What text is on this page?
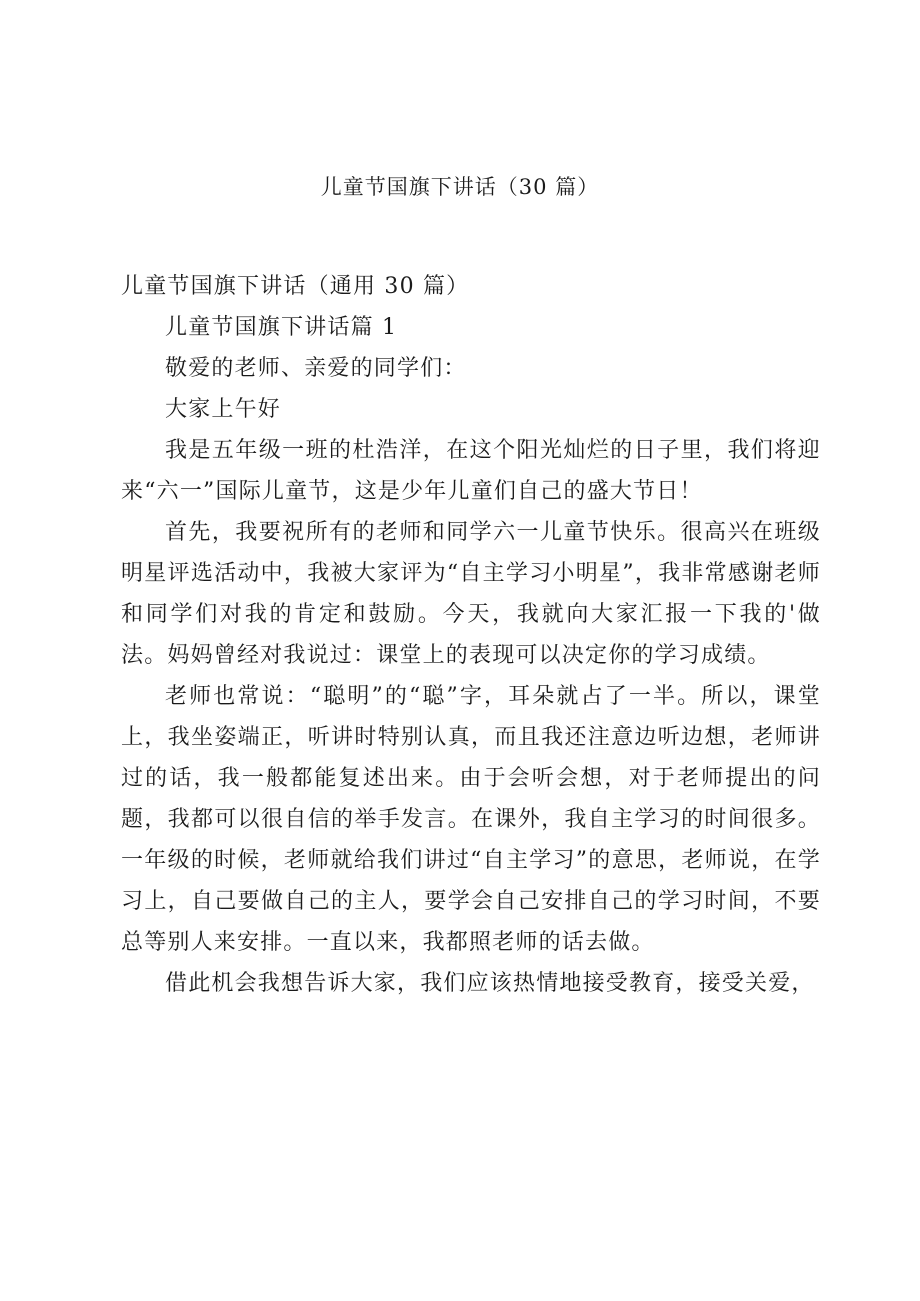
儿童节国旗下讲话（30 篇）

儿童节国旗下讲话（通用 30 篇）

儿童节国旗下讲话篇 1

敬爱的老师、亲爱的同学们：

大家上午好

我是五年级一班的杜浩洋，在这个阳光灿烂的日子里，我们将迎来“六一”国际儿童节，这是少年儿童们自己的盛大节日！

首先，我要祝所有的老师和同学六一儿童节快乐。很高兴在班级明星评选活动中，我被大家评为“自主学习小明星”，我非常感谢老师和同学们对我的肯定和鼓励。今天，我就向大家汇报一下我的'做法。妈妈曾经对我说过：课堂上的表现可以决定你的学习成绩。

老师也常说：“聪明”的“聪”字，耳朵就占了一半。所以，课堂上，我坐姿端正，听讲时特别认真，而且我还注意边听边想，老师讲过的话，我一般都能复述出来。由于会听会想，对于老师提出的问题，我都可以很自信的举手发言。在课外，我自主学习的时间很多。一年级的时候，老师就给我们讲过“自主学习”的意思，老师说，在学习上，自己要做自己的主人，要学会自己安排自己的学习时间，不要总等别人来安排。一直以来，我都照老师的话去做。

借此机会我想告诉大家，我们应该热情地接受教育，接受关爱，
